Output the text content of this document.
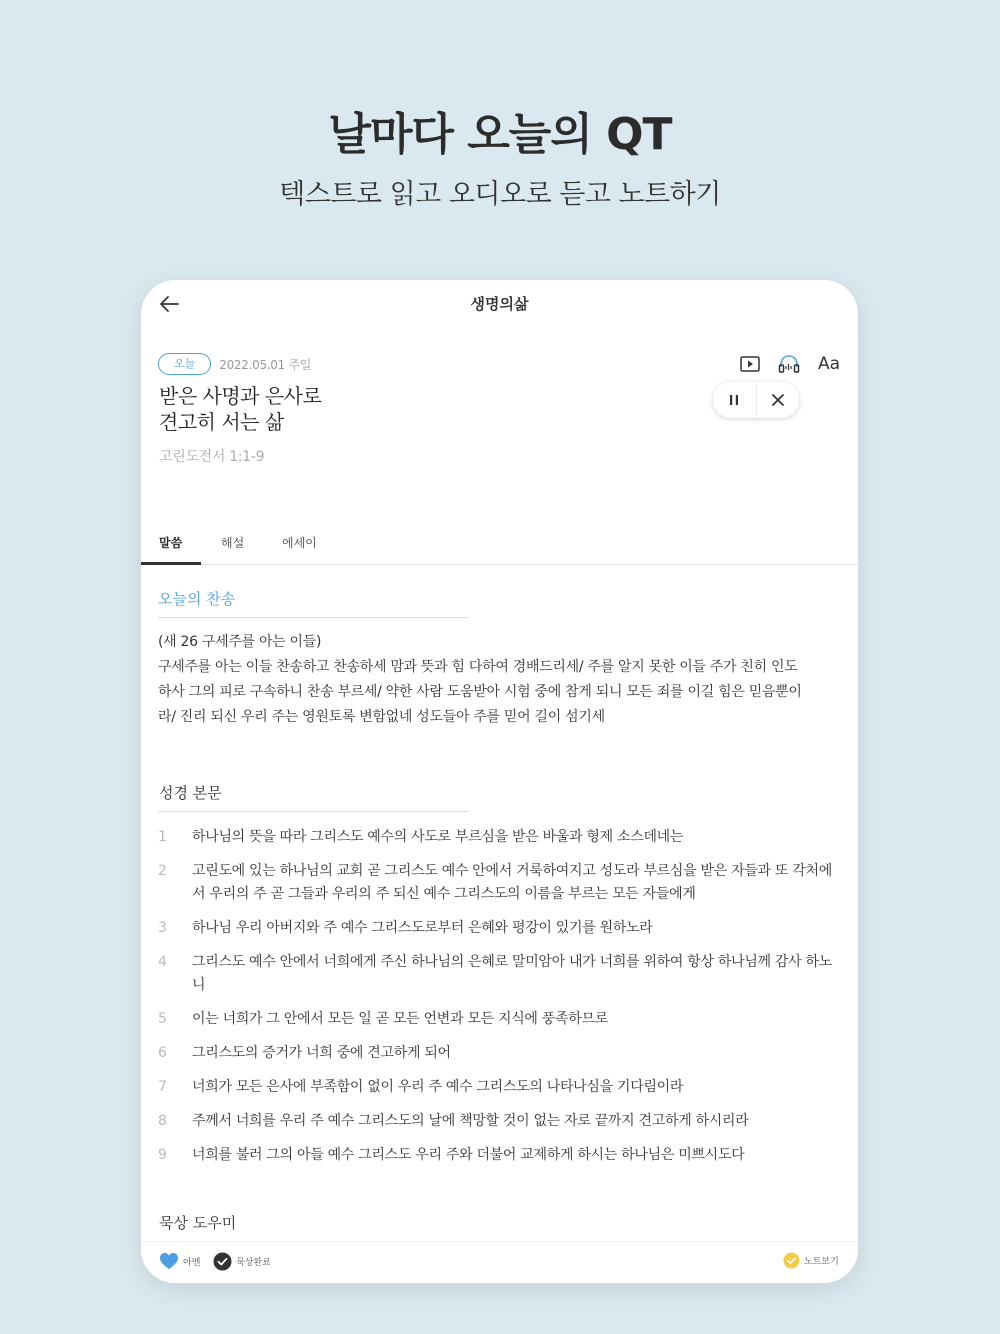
날마다 오늘의 QT
텍스트로 읽고 오디오로 듣고 노트하기
생명의삶
오늘	2022.05.01 주일
받은 사명과 은사로
견고히 서는 삶
고린도전서 1:1-9
Aa
말씀	해설	에세이
오늘의 찬송
(새 26 구세주를 아는 이들)
구세주를 아는 이들 찬송하고 찬송하세 맘과 뜻과 힘 다하여 경배드리세/ 주를 알지 못한 이들 주가 친히 인도
하사 그의 피로 구속하니 찬송 부르세/ 약한 사람 도움받아 시험 중에 참게 되니 모든 죄를 이길 힘은 믿음뿐이
라/ 진리 되신 우리 주는 영원토록 변함없네 성도들아 주를 믿어 길이 섬기세
성경 본문
1	하나님의 뜻을 따라 그리스도 예수의 사도로 부르심을 받은 바울과 형제 소스데네는
2	고린도에 있는 하나님의 교회 곧 그리스도 예수 안에서 거룩하여지고 성도라 부르심을 받은 자들과 또 각처에서 우리의 주 곧 그들과 우리의 주 되신 예수 그리스도의 이름을 부르는 모든 자들에게
3	하나님 우리 아버지와 주 예수 그리스도로부터 은혜와 평강이 있기를 원하노라
4	그리스도 예수 안에서 너희에게 주신 하나님의 은혜로 말미암아 내가 너희를 위하여 항상 하나님께 감사 하노니
5	이는 너희가 그 안에서 모든 일 곧 모든 언변과 모든 지식에 풍족하므로
6	그리스도의 증거가 너희 중에 견고하게 되어
7	너희가 모든 은사에 부족함이 없이 우리 주 예수 그리스도의 나타나심을 기다림이라
8	주께서 너희를 우리 주 예수 그리스도의 날에 책망할 것이 없는 자로 끝까지 견고하게 하시리라
9	너희를 불러 그의 아들 예수 그리스도 우리 주와 더불어 교제하게 하시는 하나님은 미쁘시도다
묵상 도우미
아멘	묵상완료	노트보기
